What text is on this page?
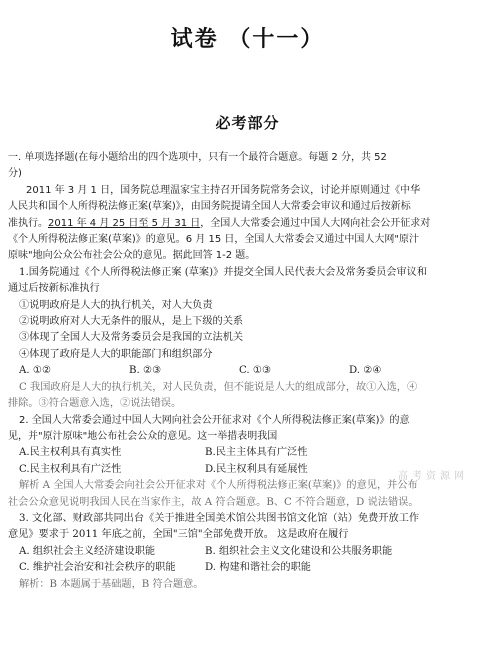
试卷 （十一）
必考部分

一. 单项选择题(在每小题给出的四个选项中，只有一个最符合题意。每题 2 分，共 52

分)

2011 年 3 月 1 日，国务院总理温家宝主持召开国务院常务会议，讨论并原则通过《中华

人民共和国个人所得税法修正案(草案)》，由国务院提请全国人大常委会审议和通过后按新标

准执行。2011 年 4 月 25 日至 5 月 31 日，全国人大常委会通过中国人大网向社会公开征求对

《个人所得税法修正案(草案)》的意见。6 月 15 日，全国人大常委会又通过中国人大网"原汁

原味"地向公众公布社会公众的意见。据此回答 1-2 题。

1.国务院通过《个人所得税法修正案 (草案)》并提交全国人民代表大会及常务委员会审议和

通过后按新标准执行

①说明政府是人大的执行机关，对人大负责

②说明政府对人大无条件的服从，是上下级的关系

③体现了全国人大及常务委员会是我国的立法机关

④体现了政府是人大的职能部门和组织部分

A. ①②	B. ②③	C. ①③	D. ②④

C 我国政府是人大的执行机关，对人民负责，但不能说是人大的组成部分，故①入选，④

排除。③符合题意入选，②说法错误。

2. 全国人大常委会通过中国人大网向社会公开征求对《个人所得税法修正案(草案)》的意

见，并"原汁原味"地公布社会公众的意见。这一举措表明我国

A.民主权利具有真实性	B.民主主体具有广泛性

C.民主权利具有广泛性	D.民主权利具有延展性

解析 A 全国人大常委会向社会公开征求对《个人所得税法修正案(草案)》的意见，并公布

社会公众意见说明我国人民在当家作主，故 A 符合题意。B、C 不符合题意，D 说法错误。

3. 文化部、财政部共同出台《关于推进全国美术馆公共图书馆文化馆（站）免费开放工作

意见》要求于 2011 年底之前，全国"三馆"全部免费开放。 这是政府在履行

A. 组织社会主义经济建设职能	B. 组织社会主义文化建设和公共服务职能

C. 维护社会治安和社会秩序的职能	D. 构建和谐社会的职能

解析：B 本题属于基础题，B 符合题意。

高考资源网
